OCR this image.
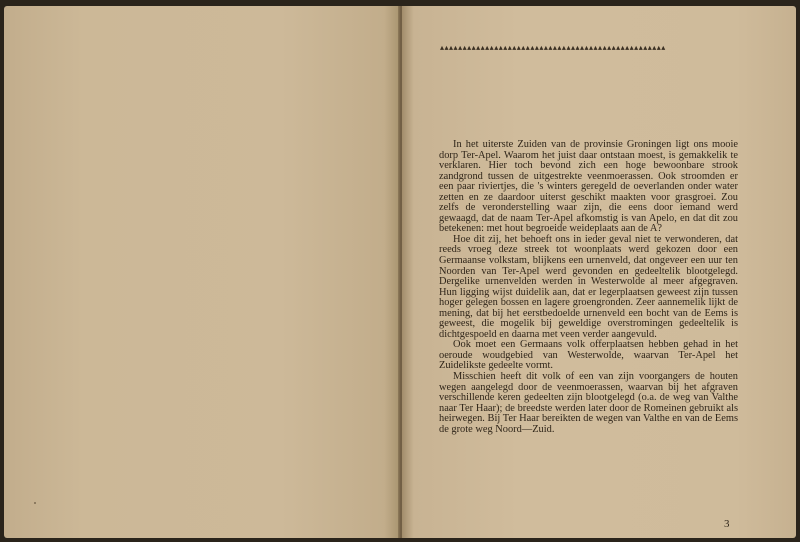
▴▴▴▴▴▴▴▴▴▴▴▴▴▴▴▴▴▴▴▴▴▴▴▴▴▴▴▴▴▴▴▴▴▴▴▴▴▴▴▴▴▴▴▴▴▴▴▴▴▴

In het uiterste Zuiden van de provinsie Groningen ligt ons mooie dorp Ter-Apel. Waarom het juist daar ontstaan moest, is gemakkelik te verklaren. Hier toch bevond zich een hoge bewoonbare strook zandgrond tussen de uitgestrekte veenmoerassen. Ook stroomden er een paar riviertjes, die 's winters geregeld de oeverlanden onder water zetten en ze daardoor uiterst geschikt maakten voor grasgroei. Zou zelfs de veronderstelling waar zijn, die eens door iemand werd gewaagd, dat de naam Ter-Apel afkomstig is van Apelo, en dat dit zou betekenen: met hout begroeide weideplaats aan de A?

Hoe dit zij, het behoeft ons in ieder geval niet te verwonderen, dat reeds vroeg deze streek tot woonplaats werd gekozen door een Germaanse volkstam, blijkens een urnenveld, dat ongeveer een uur ten Noorden van Ter-Apel werd gevonden en gedeeltelik blootgelegd. Dergelike urnenvelden werden in Westerwolde al meer afgegraven. Hun ligging wijst duidelik aan, dat er legerplaatsen geweest zijn tussen hoger gelegen bossen en lagere groengronden. Zeer aannemelik lijkt de mening, dat bij het eerstbedoelde urnenveld een bocht van de Eems is geweest, die mogelik bij geweldige overstromingen gedeeltelik is dichtgespoeld en daarna met veen verder aangevuld.

Ook moet een Germaans volk offerplaatsen hebben gehad in het oeroude woudgebied van Westerwolde, waarvan Ter-Apel het Zuidelikste gedeelte vormt.

Misschien heeft dit volk of een van zijn voorgangers de houten wegen aangelegd door de veenmoerassen, waarvan bij het afgraven verschillende keren gedeelten zijn blootgelegd (o.a. de weg van Valthe naar Ter Haar); de breedste werden later door de Romeinen gebruikt als heirwegen. Bij Ter Haar bereikten de wegen van Valthe en van de Eems de grote weg Noord—Zuid.

3
